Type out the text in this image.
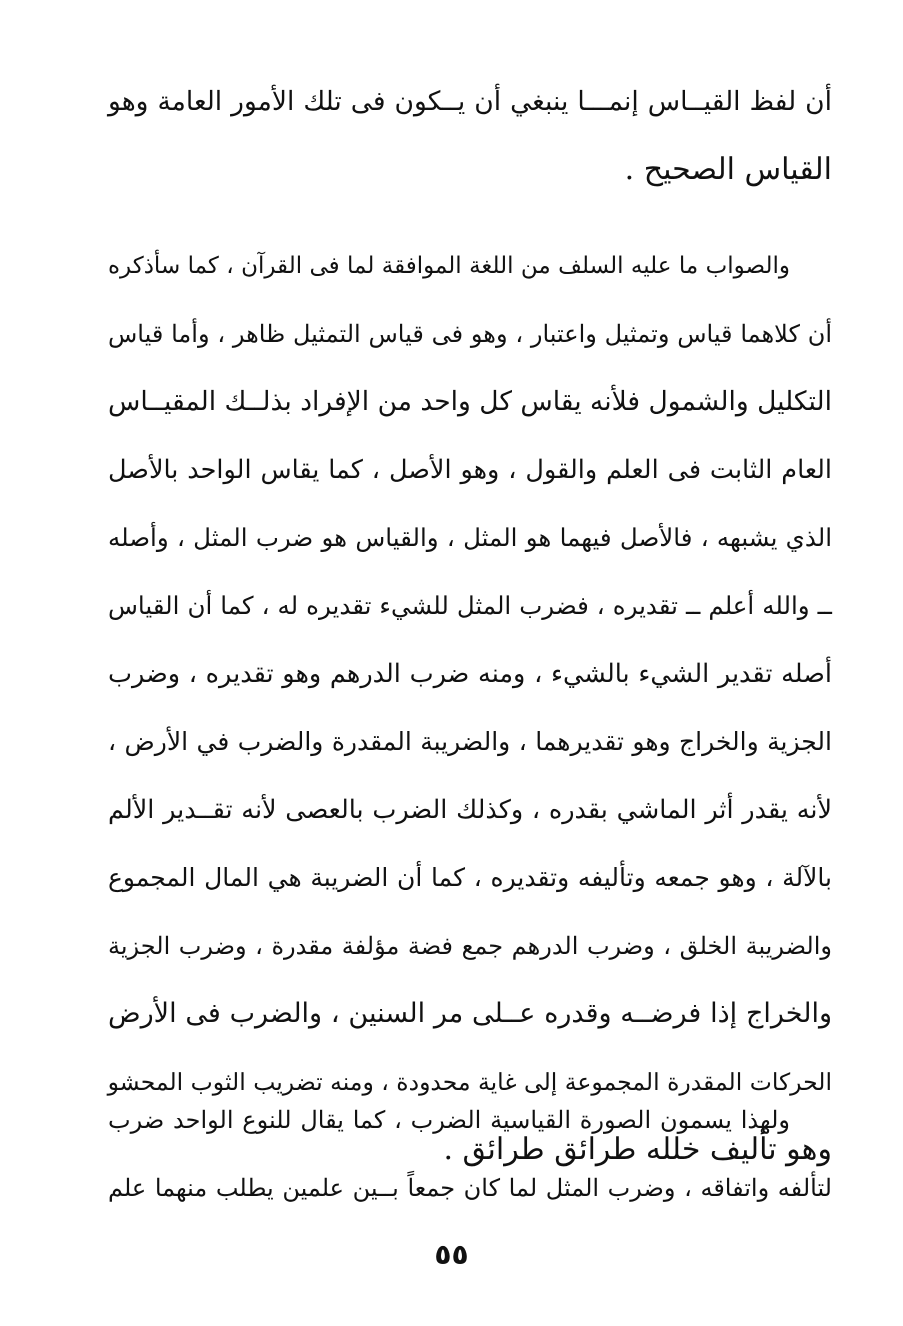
أن لفظ القيــاس إنمـــا ينبغي أن يــكون فى تلك الأمور العامة وهو
القياس الصحيح .
والصواب ما عليه السلف من اللغة الموافقة لما فى القرآن ، كما سأذكره
أن كلاهما قياس وتمثيل واعتبار ، وهو فى قياس التمثيل ظاهر ، وأما قياس
التكليل والشمول فلأنه يقاس كل واحد من الإفراد بذلــك المقيــاس
العام الثابت فى العلم والقول ، وهو الأصل ، كما يقاس الواحد بالأصل
الذي يشبهه ، فالأصل فيهما هو المثل ، والقياس هو ضرب المثل ، وأصله
ــ والله أعلم ــ تقديره ، فضرب المثل للشيء تقديره له ، كما أن القياس
أصله تقدير الشيء بالشيء ، ومنه ضرب الدرهم وهو تقديره ، وضرب
الجزية والخراج وهو تقديرهما ، والضريبة المقدرة والضرب في الأرض ،
لأنه يقدر أثر الماشي بقدره ، وكذلك الضرب بالعصى لأنه تقــدير الألم
بالآلة ، وهو جمعه وتأليفه وتقديره ، كما أن الضريبة هي المال المجموع
والضريبة الخلق ، وضرب الدرهم جمع فضة مؤلفة مقدرة ، وضرب الجزية
والخراج إذا فرضــه وقدره عــلى مر السنين ، والضرب فى الأرض
الحركات المقدرة المجموعة إلى غاية محدودة ، ومنه تضريب الثوب المحشو
وهو تأليف خلله طرائق طرائق .
ولهذا يسمون الصورة القياسية الضرب ، كما يقال للنوع الواحد ضرب
لتألفه واتفاقه ، وضرب المثل لما كان جمعاً بــين علمين يطلب منهما علم
٥٥
